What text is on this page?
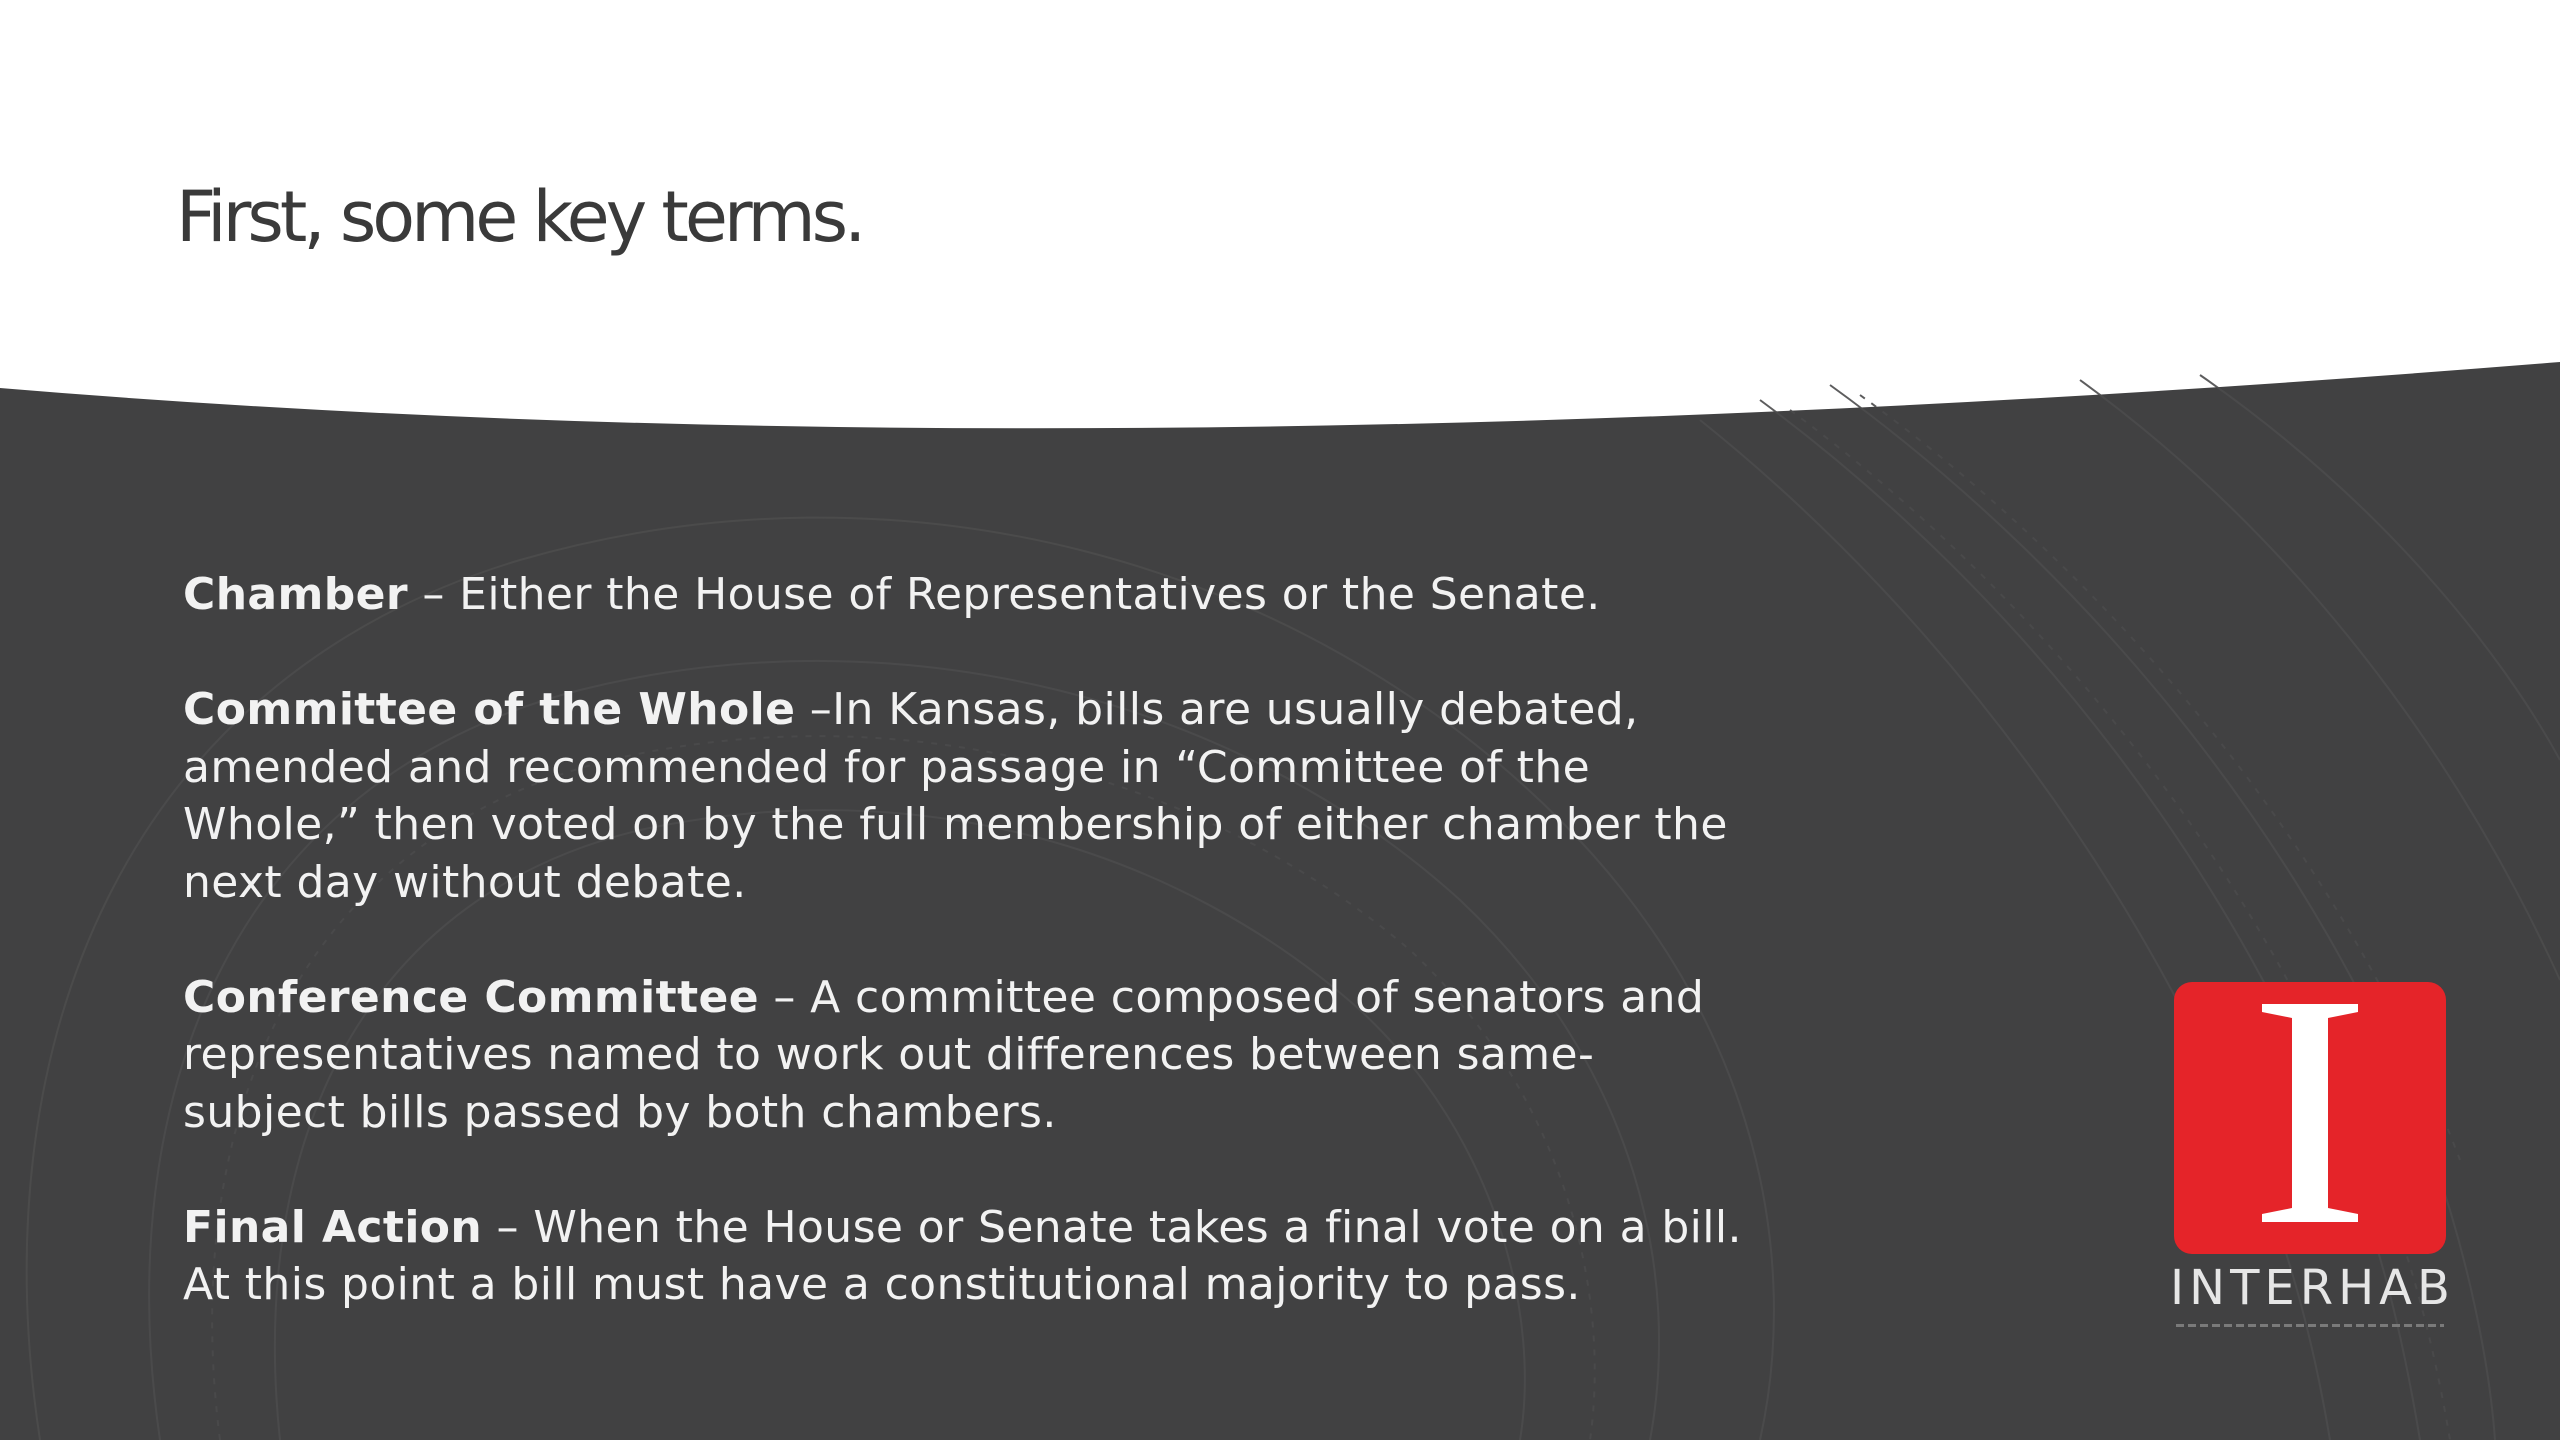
First, some key terms.

Chamber – Either the House of Representatives or the Senate.

Committee of the Whole –In Kansas, bills are usually debated, amended and recommended for passage in “Committee of the Whole,” then voted on by the full membership of either chamber the next day without debate.

Conference Committee – A committee composed of senators and representatives named to work out differences between same-subject bills passed by both chambers.

Final Action – When the House or Senate takes a final vote on a bill. At this point a bill must have a constitutional majority to pass.	INTERHAB
